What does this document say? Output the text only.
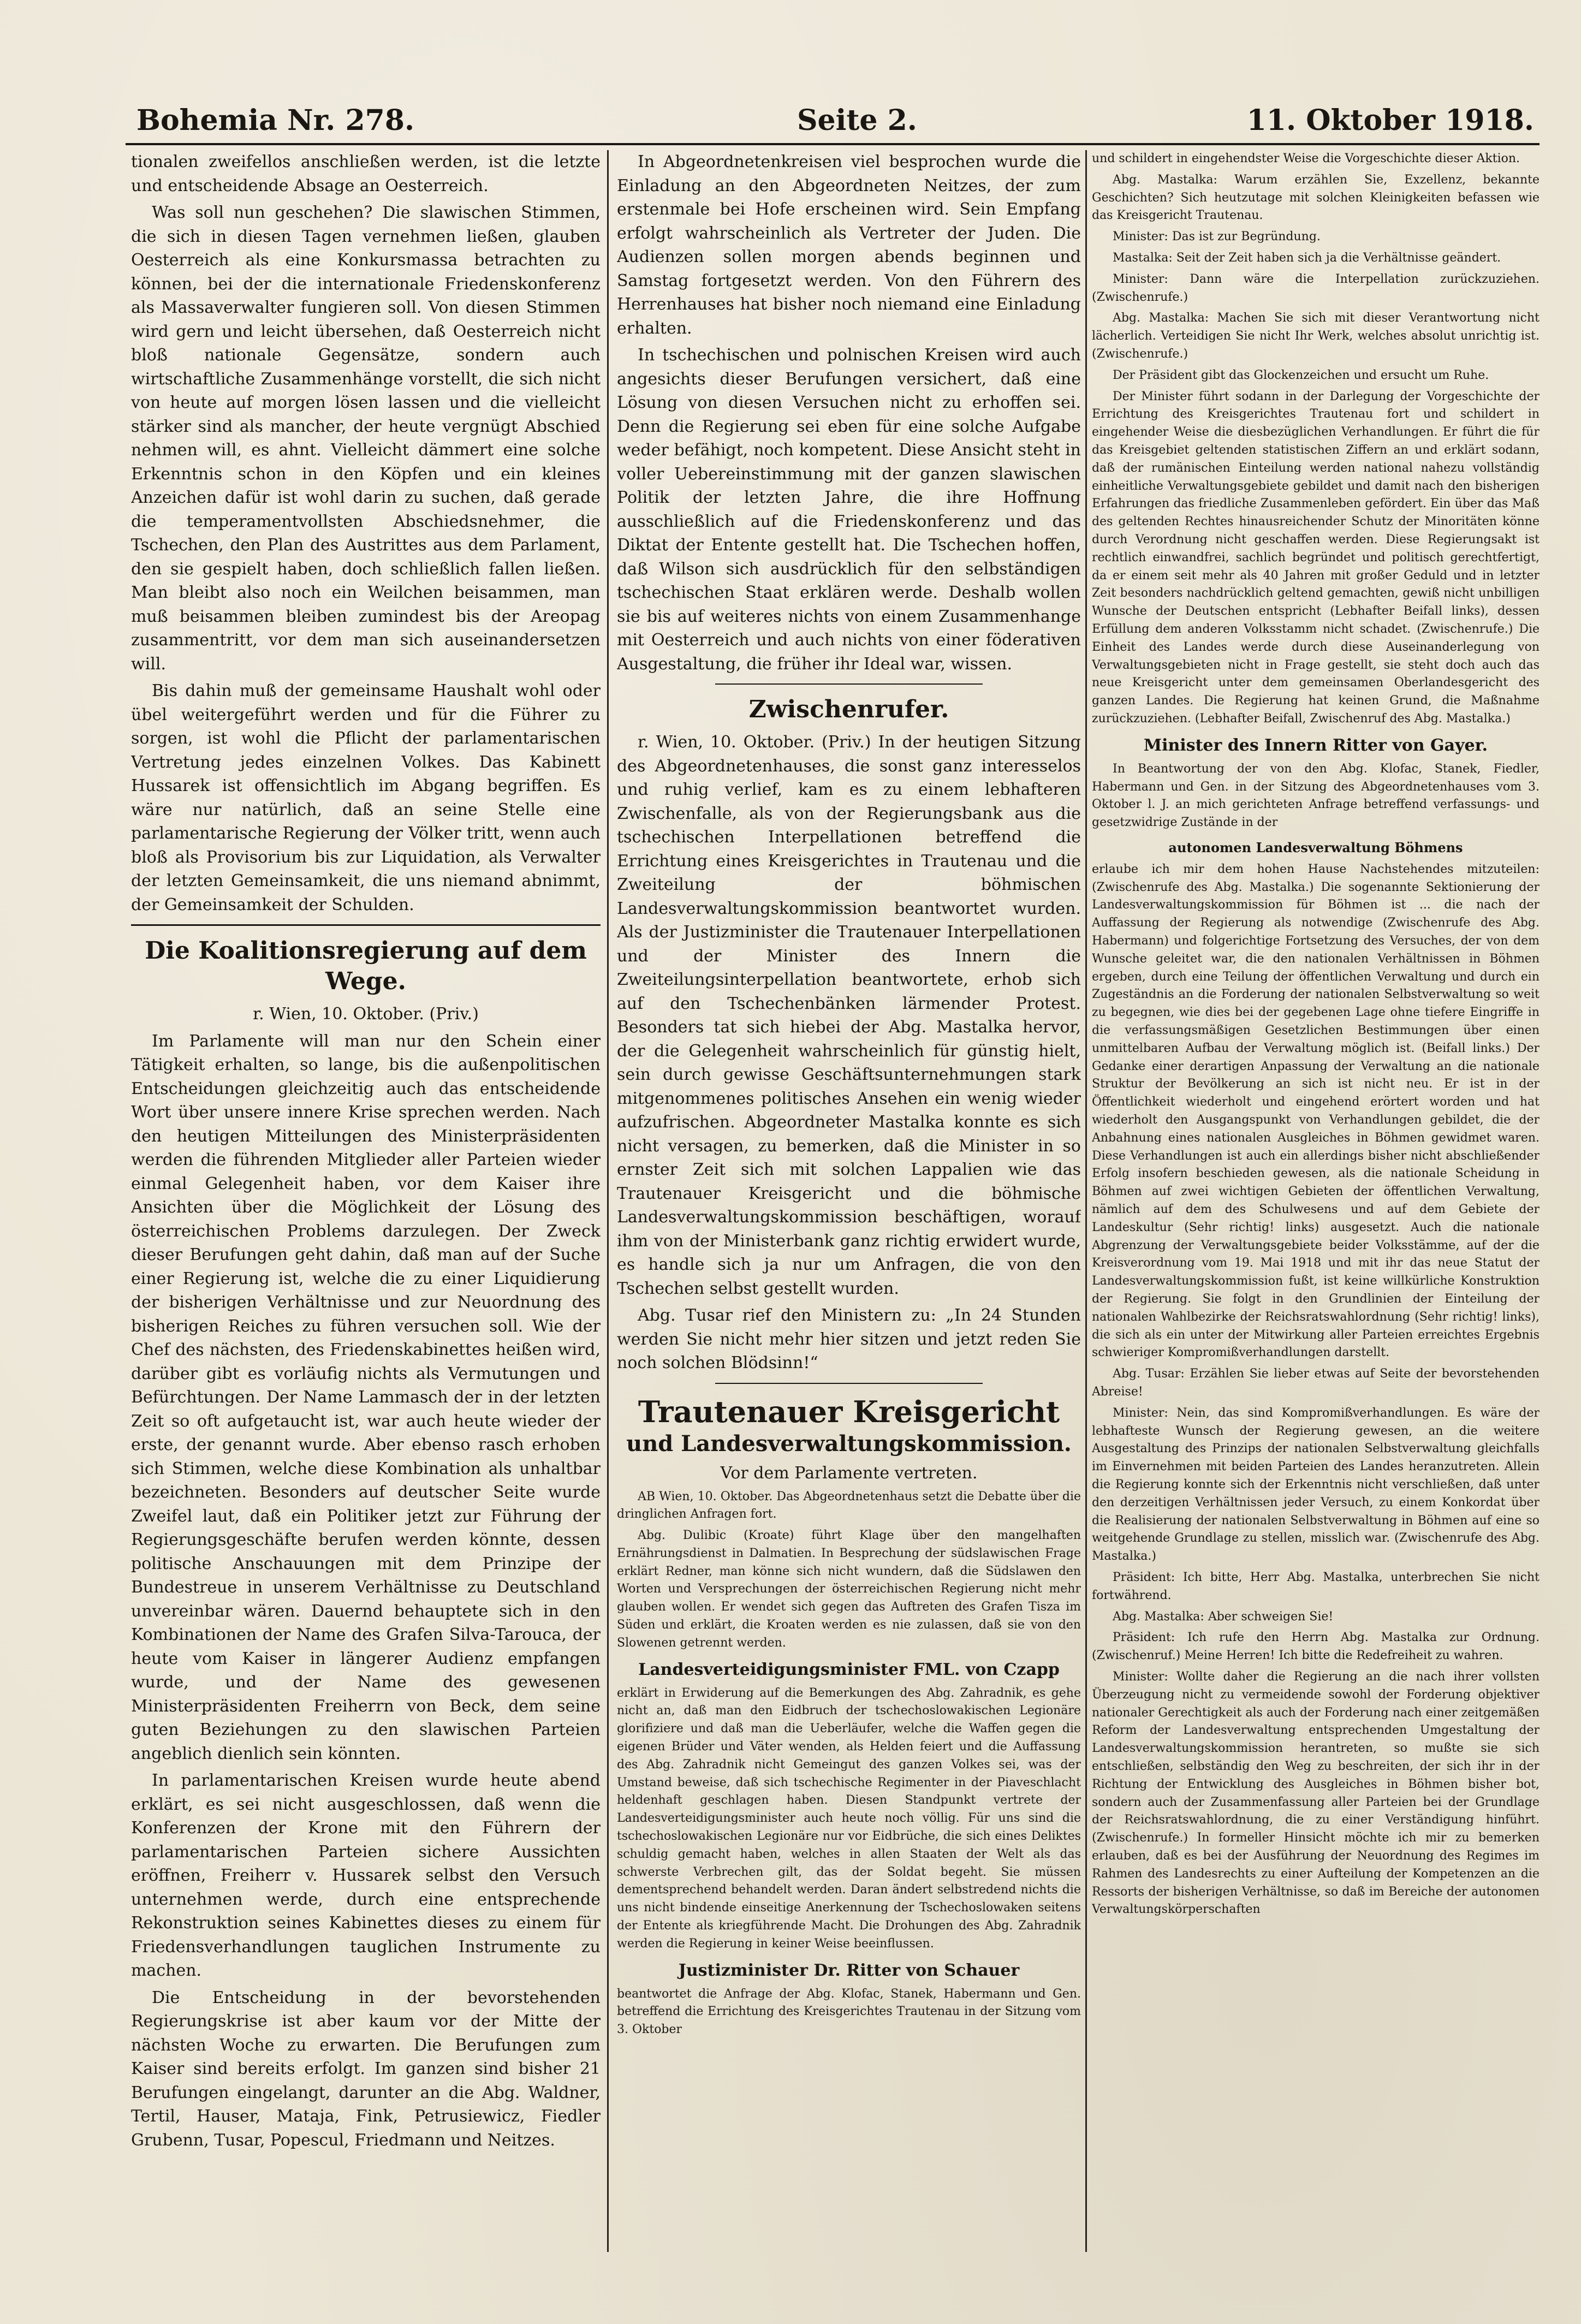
Bohemia Nr. 278.	Seite 2.	11. Oktober 1918.

tionalen zweifellos anschließen werden, ist die letzte und entscheidende Absage an Oesterreich.

Was soll nun geschehen? Die slawischen Stimmen, die sich in diesen Tagen vernehmen ließen, glauben Oesterreich als eine Konkursmassa betrachten zu können, bei der die internationale Friedenskonferenz als Massaverwalter fungieren soll. Von diesen Stimmen wird gern und leicht übersehen, daß Oesterreich nicht bloß nationale Gegensätze, sondern auch wirtschaftliche Zusammenhänge vorstellt, die sich nicht von heute auf morgen lösen lassen und die vielleicht stärker sind als mancher, der heute vergnügt Abschied nehmen will, es ahnt. Vielleicht dämmert eine solche Erkenntnis schon in den Köpfen und ein kleines Anzeichen dafür ist wohl darin zu suchen, daß gerade die temperamentvollsten Abschiedsnehmer, die Tschechen, den Plan des Austrittes aus dem Parlament, den sie gespielt haben, doch schließlich fallen ließen. Man bleibt also noch ein Weilchen beisammen, man muß beisammen bleiben zumindest bis der Areopag zusammentritt, vor dem man sich auseinandersetzen will.

Bis dahin muß der gemeinsame Haushalt wohl oder übel weitergeführt werden und für die Führer zu sorgen, ist wohl die Pflicht der parlamentarischen Vertretung jedes einzelnen Volkes. Das Kabinett Hussarek ist offensichtlich im Abgang begriffen. Es wäre nur natürlich, daß an seine Stelle eine parlamentarische Regierung der Völker tritt, wenn auch bloß als Provisorium bis zur Liquidation, als Verwalter der letzten Gemeinsamkeit, die uns niemand abnimmt, der Gemeinsamkeit der Schulden.

Die Koalitionsregierung auf dem Wege.
r. Wien, 10. Oktober. (Priv.)

Im Parlamente will man nur den Schein einer Tätigkeit erhalten, so lange, bis die außenpolitischen Entscheidungen gleichzeitig auch das entscheidende Wort über unsere innere Krise sprechen werden. Nach den heutigen Mitteilungen des Ministerpräsidenten werden die führenden Mitglieder aller Parteien wieder einmal Gelegenheit haben, vor dem Kaiser ihre Ansichten über die Möglichkeit der Lösung des österreichischen Problems darzulegen. Der Zweck dieser Berufungen geht dahin, daß man auf der Suche einer Regierung ist, welche die zu einer Liquidierung der bisherigen Verhältnisse und zur Neuordnung des bisherigen Reiches zu führen versuchen soll. Wie der Chef des nächsten, des Friedenskabinettes heißen wird, darüber gibt es vorläufig nichts als Vermutungen und Befürchtungen. Der Name Lammasch der in der letzten Zeit so oft aufgetaucht ist, war auch heute wieder der erste, der genannt wurde. Aber ebenso rasch erhoben sich Stimmen, welche diese Kombination als unhaltbar bezeichneten. Besonders auf deutscher Seite wurde Zweifel laut, daß ein Politiker jetzt zur Führung der Regierungsgeschäfte berufen werden könnte, dessen politische Anschauungen mit dem Prinzipe der Bundestreue in unserem Verhältnisse zu Deutschland unvereinbar wären. Dauernd behauptete sich in den Kombinationen der Name des Grafen Silva-Tarouca, der heute vom Kaiser in längerer Audienz empfangen wurde, und der Name des gewesenen Ministerpräsidenten Freiherrn von Beck, dem seine guten Beziehungen zu den slawischen Parteien angeblich dienlich sein könnten.

In parlamentarischen Kreisen wurde heute abend erklärt, es sei nicht ausgeschlossen, daß wenn die Konferenzen der Krone mit den Führern der parlamentarischen Parteien sichere Aussichten eröffnen, Freiherr v. Hussarek selbst den Versuch unternehmen werde, durch eine entsprechende Rekonstruktion seines Kabinettes dieses zu einem für Friedensverhandlungen tauglichen Instrumente zu machen.

Die Entscheidung in der bevorstehenden Regierungskrise ist aber kaum vor der Mitte der nächsten Woche zu erwarten. Die Berufungen zum Kaiser sind bereits erfolgt. Im ganzen sind bisher 21 Berufungen eingelangt, darunter an die Abg. Waldner, Tertil, Hauser, Mataja, Fink, Petrusiewicz, Fiedler Grubenn, Tusar, Popescul, Friedmann und Neitzes.

In Abgeordnetenkreisen viel besprochen wurde die Einladung an den Abgeordneten Neitzes, der zum erstenmale bei Hofe erscheinen wird. Sein Empfang erfolgt wahrscheinlich als Vertreter der Juden. Die Audienzen sollen morgen abends beginnen und Samstag fortgesetzt werden. Von den Führern des Herrenhauses hat bisher noch niemand eine Einladung erhalten.

In tschechischen und polnischen Kreisen wird auch angesichts dieser Berufungen versichert, daß eine Lösung von diesen Versuchen nicht zu erhoffen sei. Denn die Regierung sei eben für eine solche Aufgabe weder befähigt, noch kompetent. Diese Ansicht steht in voller Uebereinstimmung mit der ganzen slawischen Politik der letzten Jahre, die ihre Hoffnung ausschließlich auf die Friedenskonferenz und das Diktat der Entente gestellt hat. Die Tschechen hoffen, daß Wilson sich ausdrücklich für den selbständigen tschechischen Staat erklären werde. Deshalb wollen sie bis auf weiteres nichts von einem Zusammenhange mit Oesterreich und auch nichts von einer föderativen Ausgestaltung, die früher ihr Ideal war, wissen.

Zwischenrufer.

r. Wien, 10. Oktober. (Priv.) In der heutigen Sitzung des Abgeordnetenhauses, die sonst ganz interesselos und ruhig verlief, kam es zu einem lebhafteren Zwischenfalle, als von der Regierungsbank aus die tschechischen Interpellationen betreffend die Errichtung eines Kreisgerichtes in Trautenau und die Zweiteilung der böhmischen Landesverwaltungskommission beantwortet wurden. Als der Justizminister die Trautenauer Interpellationen und der Minister des Innern die Zweiteilungsinterpellation beantwortete, erhob sich auf den Tschechenbänken lärmender Protest. Besonders tat sich hiebei der Abg. Mastalka hervor, der die Gelegenheit wahrscheinlich für günstig hielt, sein durch gewisse Geschäftsunternehmungen stark mitgenommenes politisches Ansehen ein wenig wieder aufzufrischen. Abgeordneter Mastalka konnte es sich nicht versagen, zu bemerken, daß die Minister in so ernster Zeit sich mit solchen Lappalien wie das Trautenauer Kreisgericht und die böhmische Landesverwaltungskommission beschäftigen, worauf ihm von der Ministerbank ganz richtig erwidert wurde, es handle sich ja nur um Anfragen, die von den Tschechen selbst gestellt wurden.

Abg. Tusar rief den Ministern zu: „In 24 Stunden werden Sie nicht mehr hier sitzen und jetzt reden Sie noch solchen Blödsinn!“

Trautenauer Kreisgericht
und Landesverwaltungskommission.
Vor dem Parlamente vertreten.

AB Wien, 10. Oktober. Das Abgeordnetenhaus setzt die Debatte über die dringlichen Anfragen fort.

Abg. Dulibic (Kroate) führt Klage über den mangelhaften Ernährungsdienst in Dalmatien. In Besprechung der südslawischen Frage erklärt Redner, man könne sich nicht wundern, daß die Südslawen den Worten und Versprechungen der österreichischen Regierung nicht mehr glauben wollen. Er wendet sich gegen das Auftreten des Grafen Tisza im Süden und erklärt, die Kroaten werden es nie zulassen, daß sie von den Slowenen getrennt werden.

Landesverteidigungsminister FML. von Czapp

erklärt in Erwiderung auf die Bemerkungen des Abg. Zahradnik, es gehe nicht an, daß man den Eidbruch der tschechoslowakischen Legionäre glorifiziere und daß man die Ueberläufer, welche die Waffen gegen die eigenen Brüder und Väter wenden, als Helden feiert und die Auffassung des Abg. Zahradnik nicht Gemeingut des ganzen Volkes sei, was der Umstand beweise, daß sich tschechische Regimenter in der Piaveschlacht heldenhaft geschlagen haben. Diesen Standpunkt vertrete der Landesverteidigungsminister auch heute noch völlig. Für uns sind die tschechoslowakischen Legionäre nur vor Eidbrüche, die sich eines Deliktes schuldig gemacht haben, welches in allen Staaten der Welt als das schwerste Verbrechen gilt, das der Soldat begeht. Sie müssen dementsprechend behandelt werden. Daran ändert selbstredend nichts die uns nicht bindende einseitige Anerkennung der Tschechoslowaken seitens der Entente als kriegführende Macht. Die Drohungen des Abg. Zahradnik werden die Regierung in keiner Weise beeinflussen.

Justizminister Dr. Ritter von Schauer

beantwortet die Anfrage der Abg. Klofac, Stanek, Habermann und Gen. betreffend die Errichtung des Kreisgerichtes Trautenau in der Sitzung vom 3. Oktober

und schildert in eingehendster Weise die Vorgeschichte dieser Aktion.

Abg. Mastalka: Warum erzählen Sie, Exzellenz, bekannte Geschichten? Sich heutzutage mit solchen Kleinigkeiten befassen wie das Kreisgericht Trautenau.

Minister: Das ist zur Begründung.

Mastalka: Seit der Zeit haben sich ja die Verhältnisse geändert.

Minister: Dann wäre die Interpellation zurückzuziehen. (Zwischenrufe.)

Abg. Mastalka: Machen Sie sich mit dieser Verantwortung nicht lächerlich. Verteidigen Sie nicht Ihr Werk, welches absolut unrichtig ist. (Zwischenrufe.)

Der Präsident gibt das Glockenzeichen und ersucht um Ruhe.

Der Minister führt sodann in der Darlegung der Vorgeschichte der Errichtung des Kreisgerichtes Trautenau fort und schildert in eingehender Weise die diesbezüglichen Verhandlungen. Er führt die für das Kreisgebiet geltenden statistischen Ziffern an und erklärt sodann, daß der rumänischen Einteilung werden national nahezu vollständig einheitliche Verwaltungsgebiete gebildet und damit nach den bisherigen Erfahrungen das friedliche Zusammenleben gefördert. Ein über das Maß des geltenden Rechtes hinausreichender Schutz der Minoritäten könne durch Verordnung nicht geschaffen werden. Diese Regierungsakt ist rechtlich einwandfrei, sachlich begründet und politisch gerechtfertigt, da er einem seit mehr als 40 Jahren mit großer Geduld und in letzter Zeit besonders nachdrücklich geltend gemachten, gewiß nicht unbilligen Wunsche der Deutschen entspricht (Lebhafter Beifall links), dessen Erfüllung dem anderen Volksstamm nicht schadet. (Zwischenrufe.) Die Einheit des Landes werde durch diese Auseinanderlegung von Verwaltungsgebieten nicht in Frage gestellt, sie steht doch auch das neue Kreisgericht unter dem gemeinsamen Oberlandesgericht des ganzen Landes. Die Regierung hat keinen Grund, die Maßnahme zurückzuziehen. (Lebhafter Beifall, Zwischenruf des Abg. Mastalka.)

Minister des Innern Ritter von Gayer.

In Beantwortung der von den Abg. Klofac, Stanek, Fiedler, Habermann und Gen. in der Sitzung des Abgeordnetenhauses vom 3. Oktober l. J. an mich gerichteten Anfrage betreffend verfassungs- und gesetzwidrige Zustände in der

autonomen Landesverwaltung Böhmens

erlaube ich mir dem hohen Hause Nachstehendes mitzuteilen: (Zwischenrufe des Abg. Mastalka.) Die sogenannte Sektionierung der Landesverwaltungskommission für Böhmen ist ... die nach der Auffassung der Regierung als notwendige (Zwischenrufe des Abg. Habermann) und folgerichtige Fortsetzung des Versuches, der von dem Wunsche geleitet war, die den nationalen Verhältnissen in Böhmen ergeben, durch eine Teilung der öffentlichen Verwaltung und durch ein Zugeständnis an die Forderung der nationalen Selbstverwaltung so weit zu begegnen, wie dies bei der gegebenen Lage ohne tiefere Eingriffe in die verfassungsmäßigen Gesetzlichen Bestimmungen über einen unmittelbaren Aufbau der Verwaltung möglich ist. (Beifall links.) Der Gedanke einer derartigen Anpassung der Verwaltung an die nationale Struktur der Bevölkerung an sich ist nicht neu. Er ist in der Öffentlichkeit wiederholt und eingehend erörtert worden und hat wiederholt den Ausgangspunkt von Verhandlungen gebildet, die der Anbahnung eines nationalen Ausgleiches in Böhmen gewidmet waren. Diese Verhandlungen ist auch ein allerdings bisher nicht abschließender Erfolg insofern beschieden gewesen, als die nationale Scheidung in Böhmen auf zwei wichtigen Gebieten der öffentlichen Verwaltung, nämlich auf dem des Schulwesens und auf dem Gebiete der Landeskultur (Sehr richtig! links) ausgesetzt. Auch die nationale Abgrenzung der Verwaltungsgebiete beider Volksstämme, auf der die Kreisverordnung vom 19. Mai 1918 und mit ihr das neue Statut der Landesverwaltungskommission fußt, ist keine willkürliche Konstruktion der Regierung. Sie folgt in den Grundlinien der Einteilung der nationalen Wahlbezirke der Reichsratswahlordnung (Sehr richtig! links), die sich als ein unter der Mitwirkung aller Parteien erreichtes Ergebnis schwieriger Kompromißverhandlungen darstellt.

Abg. Tusar: Erzählen Sie lieber etwas auf Seite der bevorstehenden Abreise!

Minister: Nein, das sind Kompromißverhandlungen. Es wäre der lebhafteste Wunsch der Regierung gewesen, an die weitere Ausgestaltung des Prinzips der nationalen Selbstverwaltung gleichfalls im Einvernehmen mit beiden Parteien des Landes heranzutreten. Allein die Regierung konnte sich der Erkenntnis nicht verschließen, daß unter den derzeitigen Verhältnissen jeder Versuch, zu einem Konkordat über die Realisierung der nationalen Selbstverwaltung in Böhmen auf eine so weitgehende Grundlage zu stellen, misslich war. (Zwischenrufe des Abg. Mastalka.)

Präsident: Ich bitte, Herr Abg. Mastalka, unterbrechen Sie nicht fortwährend.

Abg. Mastalka: Aber schweigen Sie!

Präsident: Ich rufe den Herrn Abg. Mastalka zur Ordnung. (Zwischenruf.) Meine Herren! Ich bitte die Redefreiheit zu wahren.

Minister: Wollte daher die Regierung an die nach ihrer vollsten Überzeugung nicht zu vermeidende sowohl der Forderung objektiver nationaler Gerechtigkeit als auch der Forderung nach einer zeitgemäßen Reform der Landesverwaltung entsprechenden Umgestaltung der Landesverwaltungskommission herantreten, so mußte sie sich entschließen, selbständig den Weg zu beschreiten, der sich ihr in der Richtung der Entwicklung des Ausgleiches in Böhmen bisher bot, sondern auch der Zusammenfassung aller Parteien bei der Grundlage der Reichsratswahlordnung, die zu einer Verständigung hinführt. (Zwischenrufe.) In formeller Hinsicht möchte ich mir zu bemerken erlauben, daß es bei der Ausführung der Neuordnung des Regimes im Rahmen des Landesrechts zu einer Aufteilung der Kompetenzen an die Ressorts der bisherigen Verhältnisse, so daß im Bereiche der autonomen Verwaltungskörperschaften
